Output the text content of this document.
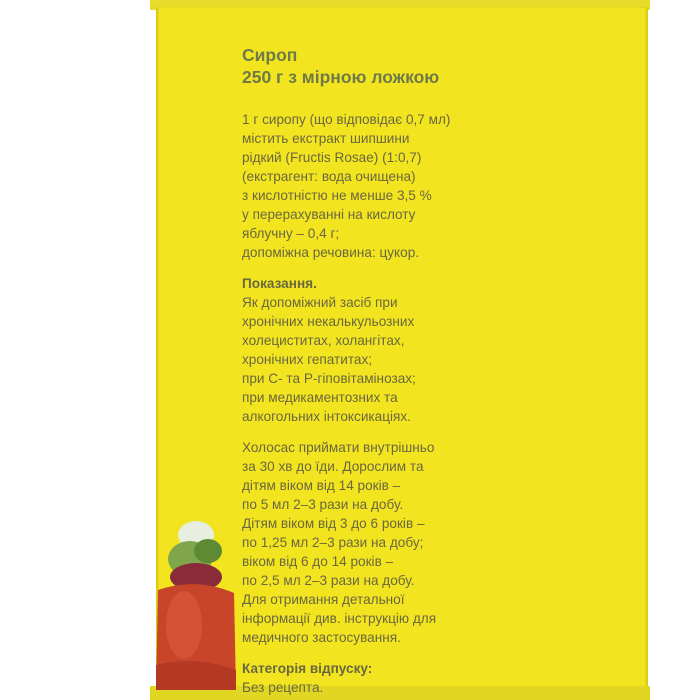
Сироп
250 г з мірною ложкою
1 г сиропу (що відповідає 0,7 мл)
містить екстракт шипшини
рідкий (Fructis Rosae) (1:0,7)
(екстрагент: вода очищена)
з кислотністю не менше 3,5 %
у перерахуванні на кислоту
яблучну – 0,4 г;
допоміжна речовина: цукор.
Показання.
Як допоміжний засіб при
хронічних некалькульозних
холециститах, холангітах,
хронічних гепатитах;
при С- та Р-гіповітамінозах;
при медикаментозних та
алкогольних інтоксикаціях.
Холосас приймати внутрішньо
за 30 хв до їди. Дорослим та
дітям віком від 14 років –
по 5 мл 2–3 рази на добу.
Дітям віком від 3 до 6 років –
по 1,25 мл 2–3 рази на добу;
віком від 6 до 14 років –
по 2,5 мл 2–3 рази на добу.
Для отримання детальної
інформації див. інструкцію для
медичного застосування.
Категорія відпуску:
Без рецепта.
